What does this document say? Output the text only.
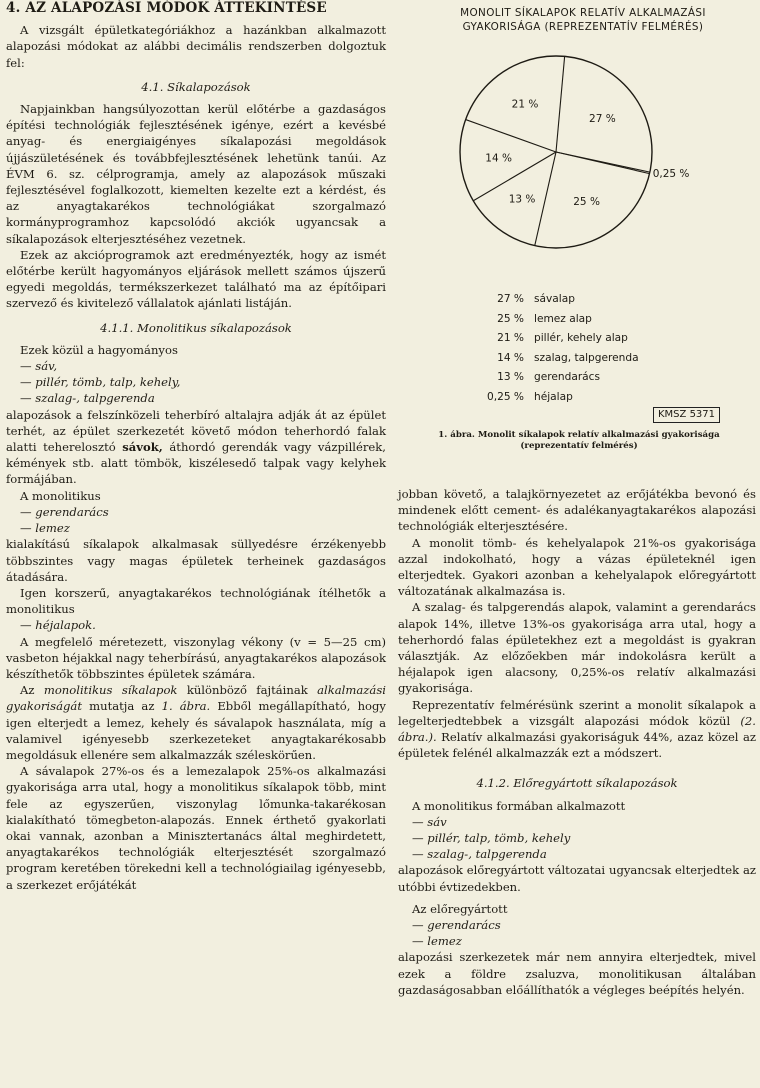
4. AZ ALAPOZÁSI MÓDOK ÁTTEKINTÉSE

A vizsgált épületkategóriákhoz a hazánkban alkalmazott alapozási módokat az alábbi decimális rendszerben dolgoztuk fel:

4.1. Síkalapozások

Napjainkban hangsúlyozottan kerül előtérbe a gazdaságos építési technológiák fejlesztésének igénye, ezért a kevésbé anyag- és energiaigényes síkalapozási megoldások újjászületésének és továbbfejlesztésének lehetünk tanúi. Az ÉVM 6. sz. célprogramja, amely az alapozások műszaki fejlesztésével foglalkozott, kiemelten kezelte ezt a kérdést, és az anyagtakarékos technológiákat szorgalmazó kormányprogramhoz kapcsolódó akciók ugyancsak a síkalapozások elterjesztéséhez vezetnek.

Ezek az akcióprogramok azt eredményezték, hogy az ismét előtérbe került hagyományos eljárások mellett számos újszerű egyedi megoldás, termékszerkezet található ma az építőipari szervező és kivitelező vállalatok ajánlati listáján.

4.1.1. Monolitikus síkalapozások

Ezek közül a hagyományos

— sáv,
— pillér, tömb, talp, kehely,
— szalag-, talpgerenda

alapozások a felszínközeli teherbíró altalajra adják át az épület terhét, az épület szerkezetét követő módon teherhordó falak alatti teherelosztó sávok, áthordó gerendák vagy vázpillérek, kémények stb. alatt tömbök, kiszélesedő talpak vagy kelyhek formájában.

A monolitikus

— gerendarács
— lemez

kialakítású síkalapok alkalmasak süllyedésre érzékenyebb többszintes vagy magas épületek terheinek gazdaságos átadására.

Igen korszerű, anyagtakarékos technológiának ítélhetők a monolitikus

— héjalapok.

A megfelelő méretezett, viszonylag vékony (v = 5—25 cm) vasbeton héjakkal nagy teherbírású, anyagtakarékos alapozások készíthetők többszintes épületek számára.

Az monolitikus síkalapok különböző fajtáinak alkalmazási gyakoriságát mutatja az 1. ábra. Ebből megállapítható, hogy igen elterjedt a lemez, kehely és sávalapok használata, míg a valamivel igényesebb szerkezeteket anyagtakarékosabb megoldásuk ellenére sem alkalmazzák széleskörűen.

A sávalapok 27%-os és a lemezalapok 25%-os alkalmazási gyakorisága arra utal, hogy a monolitikus síkalapok több, mint fele az egyszerűen, viszonylag lőmunka-takarékosan kialakítható tömegbeton-alapozás. Ennek érthető gyakorlati okai vannak, azonban a Minisztertanács által meghirdetett, anyagtakarékos technológiák elterjesztését szorgalmazó program keretében törekedni kell a technológiailag igényesebb, a szerkezet erőjátékát

MONOLIT SÍKALAPOK RELATÍV ALKALMAZÁSI
GYAKORISÁGA (REPREZENTATÍV FELMÉRÉS)
27 %
0,25 %
25 %
13 %
14 %
21 %
27 % sávalap
25 % lemez alap
21 % pillér, kehely alap
14 % szalag, talpgerenda
13 % gerendarács
0,25 % héjalap
KMSZ 5371
1. ábra. Monolit síkalapok relatív alkalmazási gyakorisága
(reprezentatív felmérés)

jobban követő, a talajkörnyezetet az erőjátékba bevonó és mindenek előtt cement- és adalékanyagtakarékos alapozási technológiák elterjesztésére.

A monolit tömb- és kehelyalapok 21%-os gyakorisága azzal indokolható, hogy a vázas épületeknél igen elterjedtek. Gyakori azonban a kehelyalapok előregyártott változatának alkalmazása is.

A szalag- és talpgerendás alapok, valamint a gerendarács alapok 14%, illetve 13%-os gyakorisága arra utal, hogy a teherhordó falas épületekhez ezt a megoldást is gyakran választják. Az előzőekben már indokolásra került a héjalapok igen alacsony, 0,25%-os relatív alkalmazási gyakorisága.

Reprezentatív felmérésünk szerint a monolit síkalapok a legelterjedtebbek a vizsgált alapozási módok közül (2. ábra.). Relatív alkalmazási gyakoriságuk 44%, azaz közel az épületek felénél alkalmazzák ezt a módszert.

4.1.2. Előregyártott síkalapozások

A monolitikus formában alkalmazott

— sáv
— pillér, talp, tömb, kehely
— szalag-, talpgerenda

alapozások előregyártott változatai ugyancsak elterjedtek az utóbbi évtizedekben.

Az előregyártott

— gerendarács
— lemez

alapozási szerkezetek már nem annyira elterjedtek, mivel ezek a földre zsaluzva, monolitikusan általában gazdaságosabban előállíthatók a végleges beépítés helyén.
